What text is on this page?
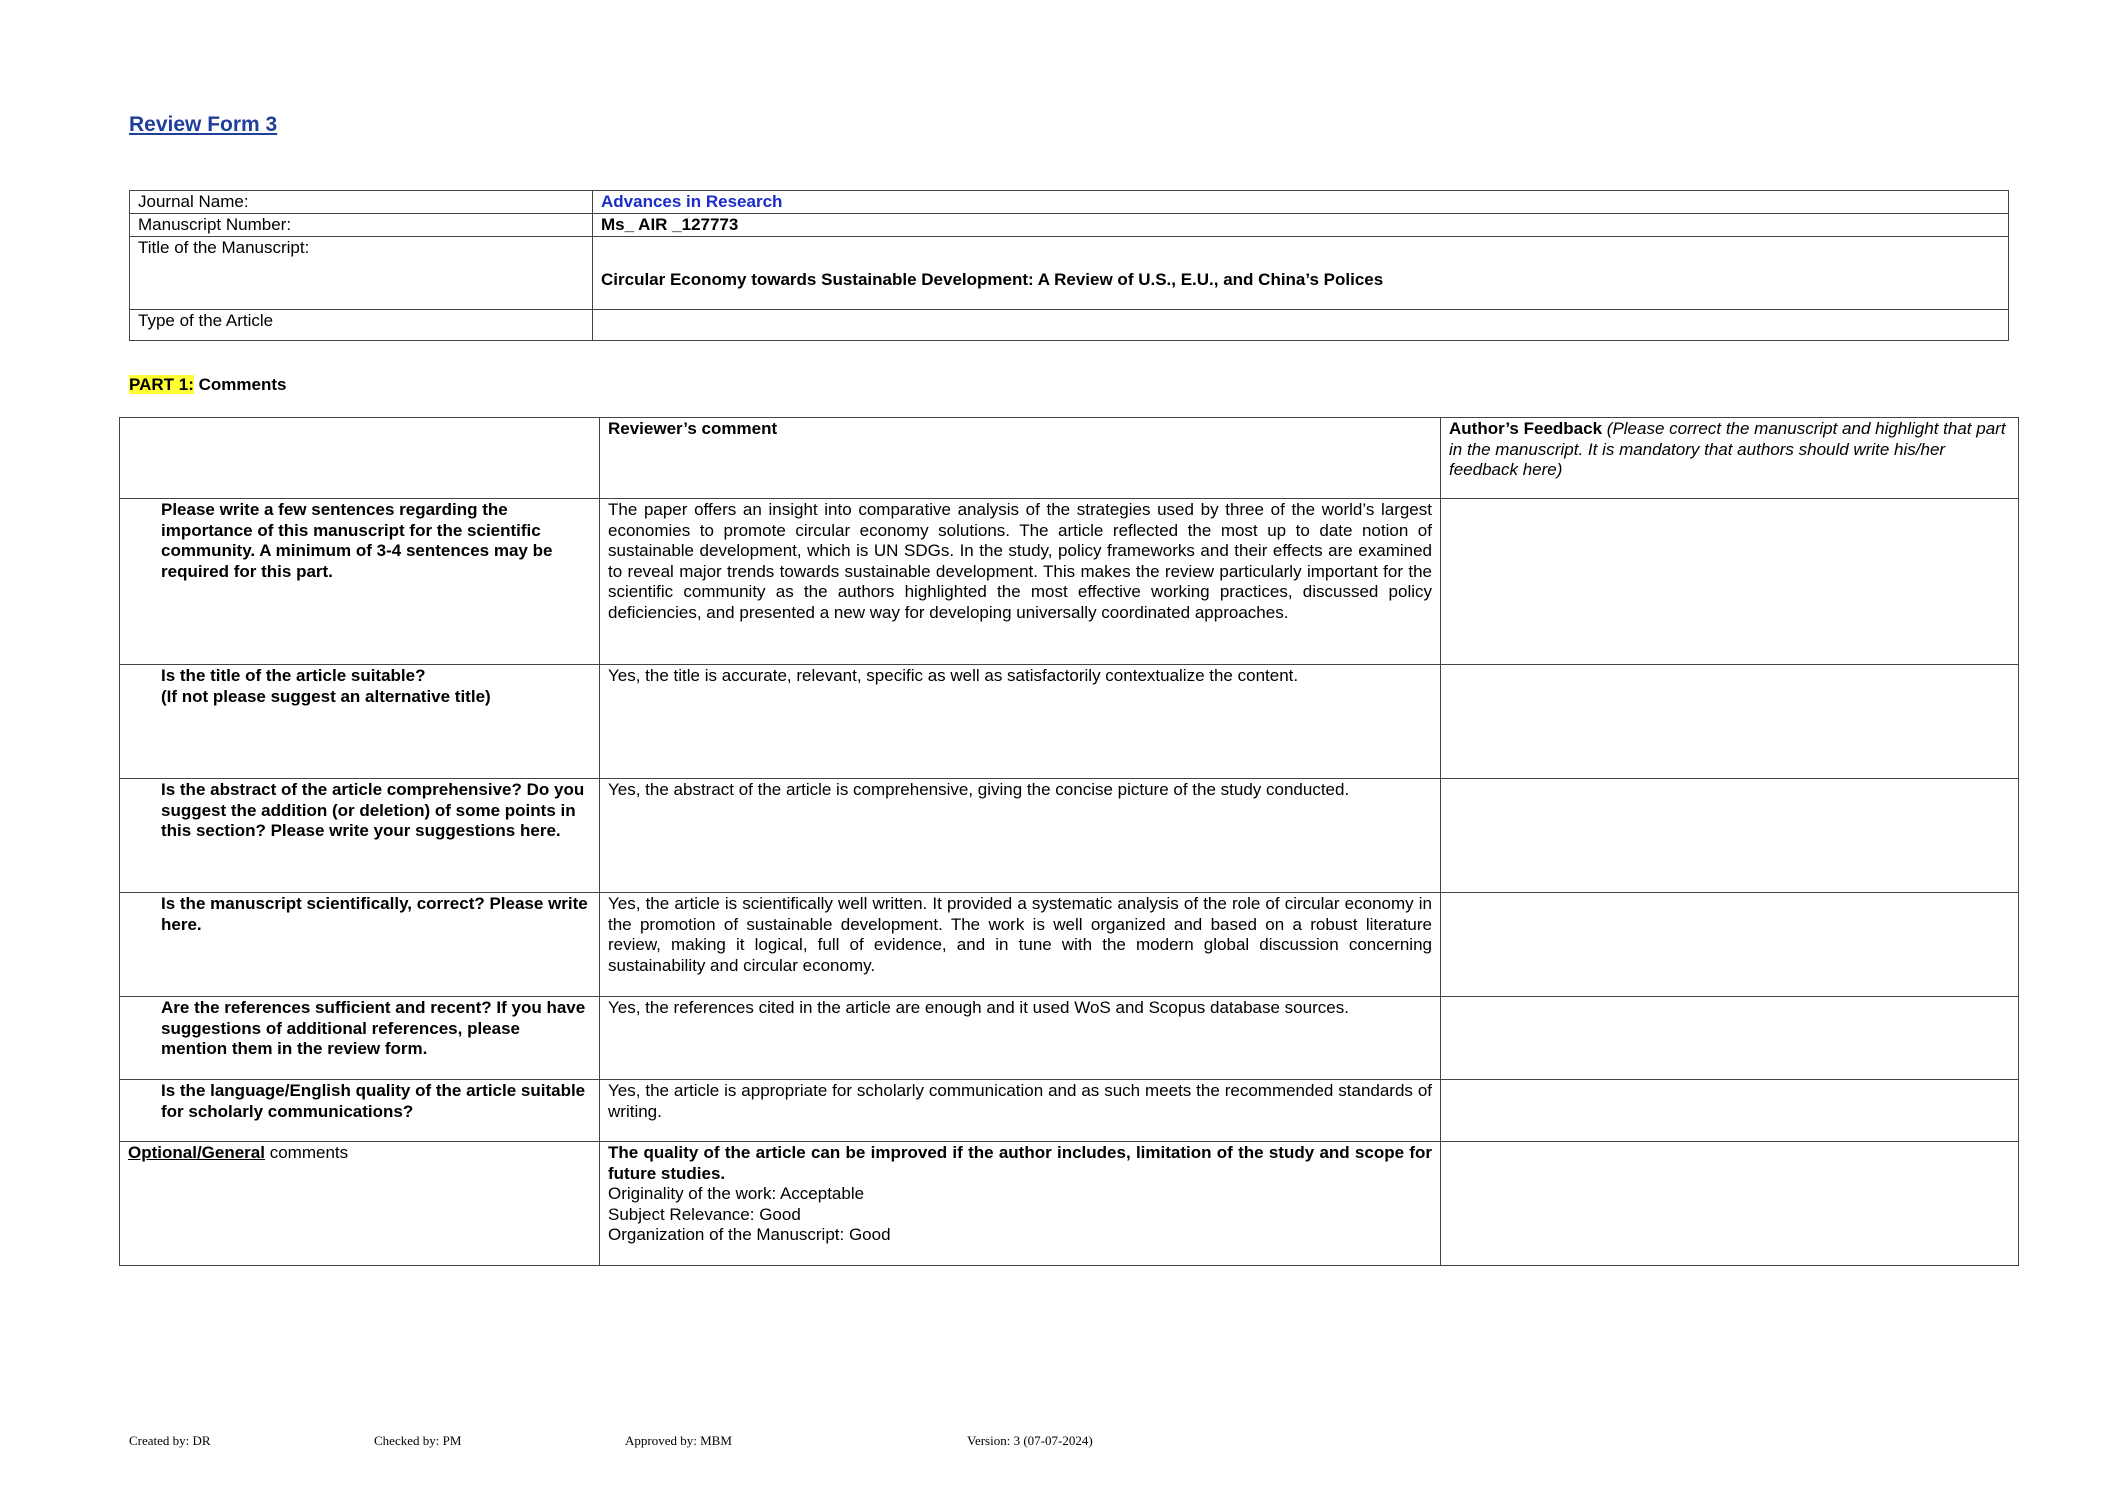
Review Form 3
Journal Name:	Advances in Research
Manuscript Number:	Ms_ AIR _127773
Title of the Manuscript:	Circular Economy towards Sustainable Development: A Review of U.S., E.U., and China’s Polices
Type of the Article	
PART 1: Comments
	Reviewer’s comment	Author’s Feedback (Please correct the manuscript and highlight that part in the manuscript. It is mandatory that authors should write his/her feedback here)
Please write a few sentences regarding the importance of this manuscript for the scientific community. A minimum of 3-4 sentences may be required for this part.	The paper offers an insight into comparative analysis of the strategies used by three of the world’s largest economies to promote circular economy solutions. The article reflected the most up to date notion of sustainable development, which is UN SDGs. In the study, policy frameworks and their effects are examined to reveal major trends towards sustainable development. This makes the review particularly important for the scientific community as the authors highlighted the most effective working practices, discussed policy deficiencies, and presented a new way for developing universally coordinated approaches.	

Is the title of the article suitable?
(If not please suggest an alternative title)	Yes, the title is accurate, relevant, specific as well as satisfactorily contextualize the content.	
Is the abstract of the article comprehensive? Do you suggest the addition (or deletion) of some points in this section? Please write your suggestions here.	Yes, the abstract of the article is comprehensive, giving the concise picture of the study conducted.	
Is the manuscript scientifically, correct? Please write here.	Yes, the article is scientifically well written. It provided a systematic analysis of the role of circular economy in the promotion of sustainable development. The work is well organized and based on a robust literature review, making it logical, full of evidence, and in tune with the modern global discussion concerning sustainability and circular economy.	
Are the references sufficient and recent? If you have suggestions of additional references, please mention them in the review form.	Yes, the references cited in the article are enough and it used WoS and Scopus database sources.	
Is the language/English quality of the article suitable for scholarly communications?	Yes, the article is appropriate for scholarly communication and as such meets the recommended standards of writing.	
Optional/General comments	The quality of the article can be improved if the author includes, limitation of the study and scope for future studies.
Originality of the work: Acceptable
Subject Relevance: Good
Organization of the Manuscript: Good	

Created by: DR	Checked by: PM	Approved by: MBM	Version: 3 (07-07-2024)
